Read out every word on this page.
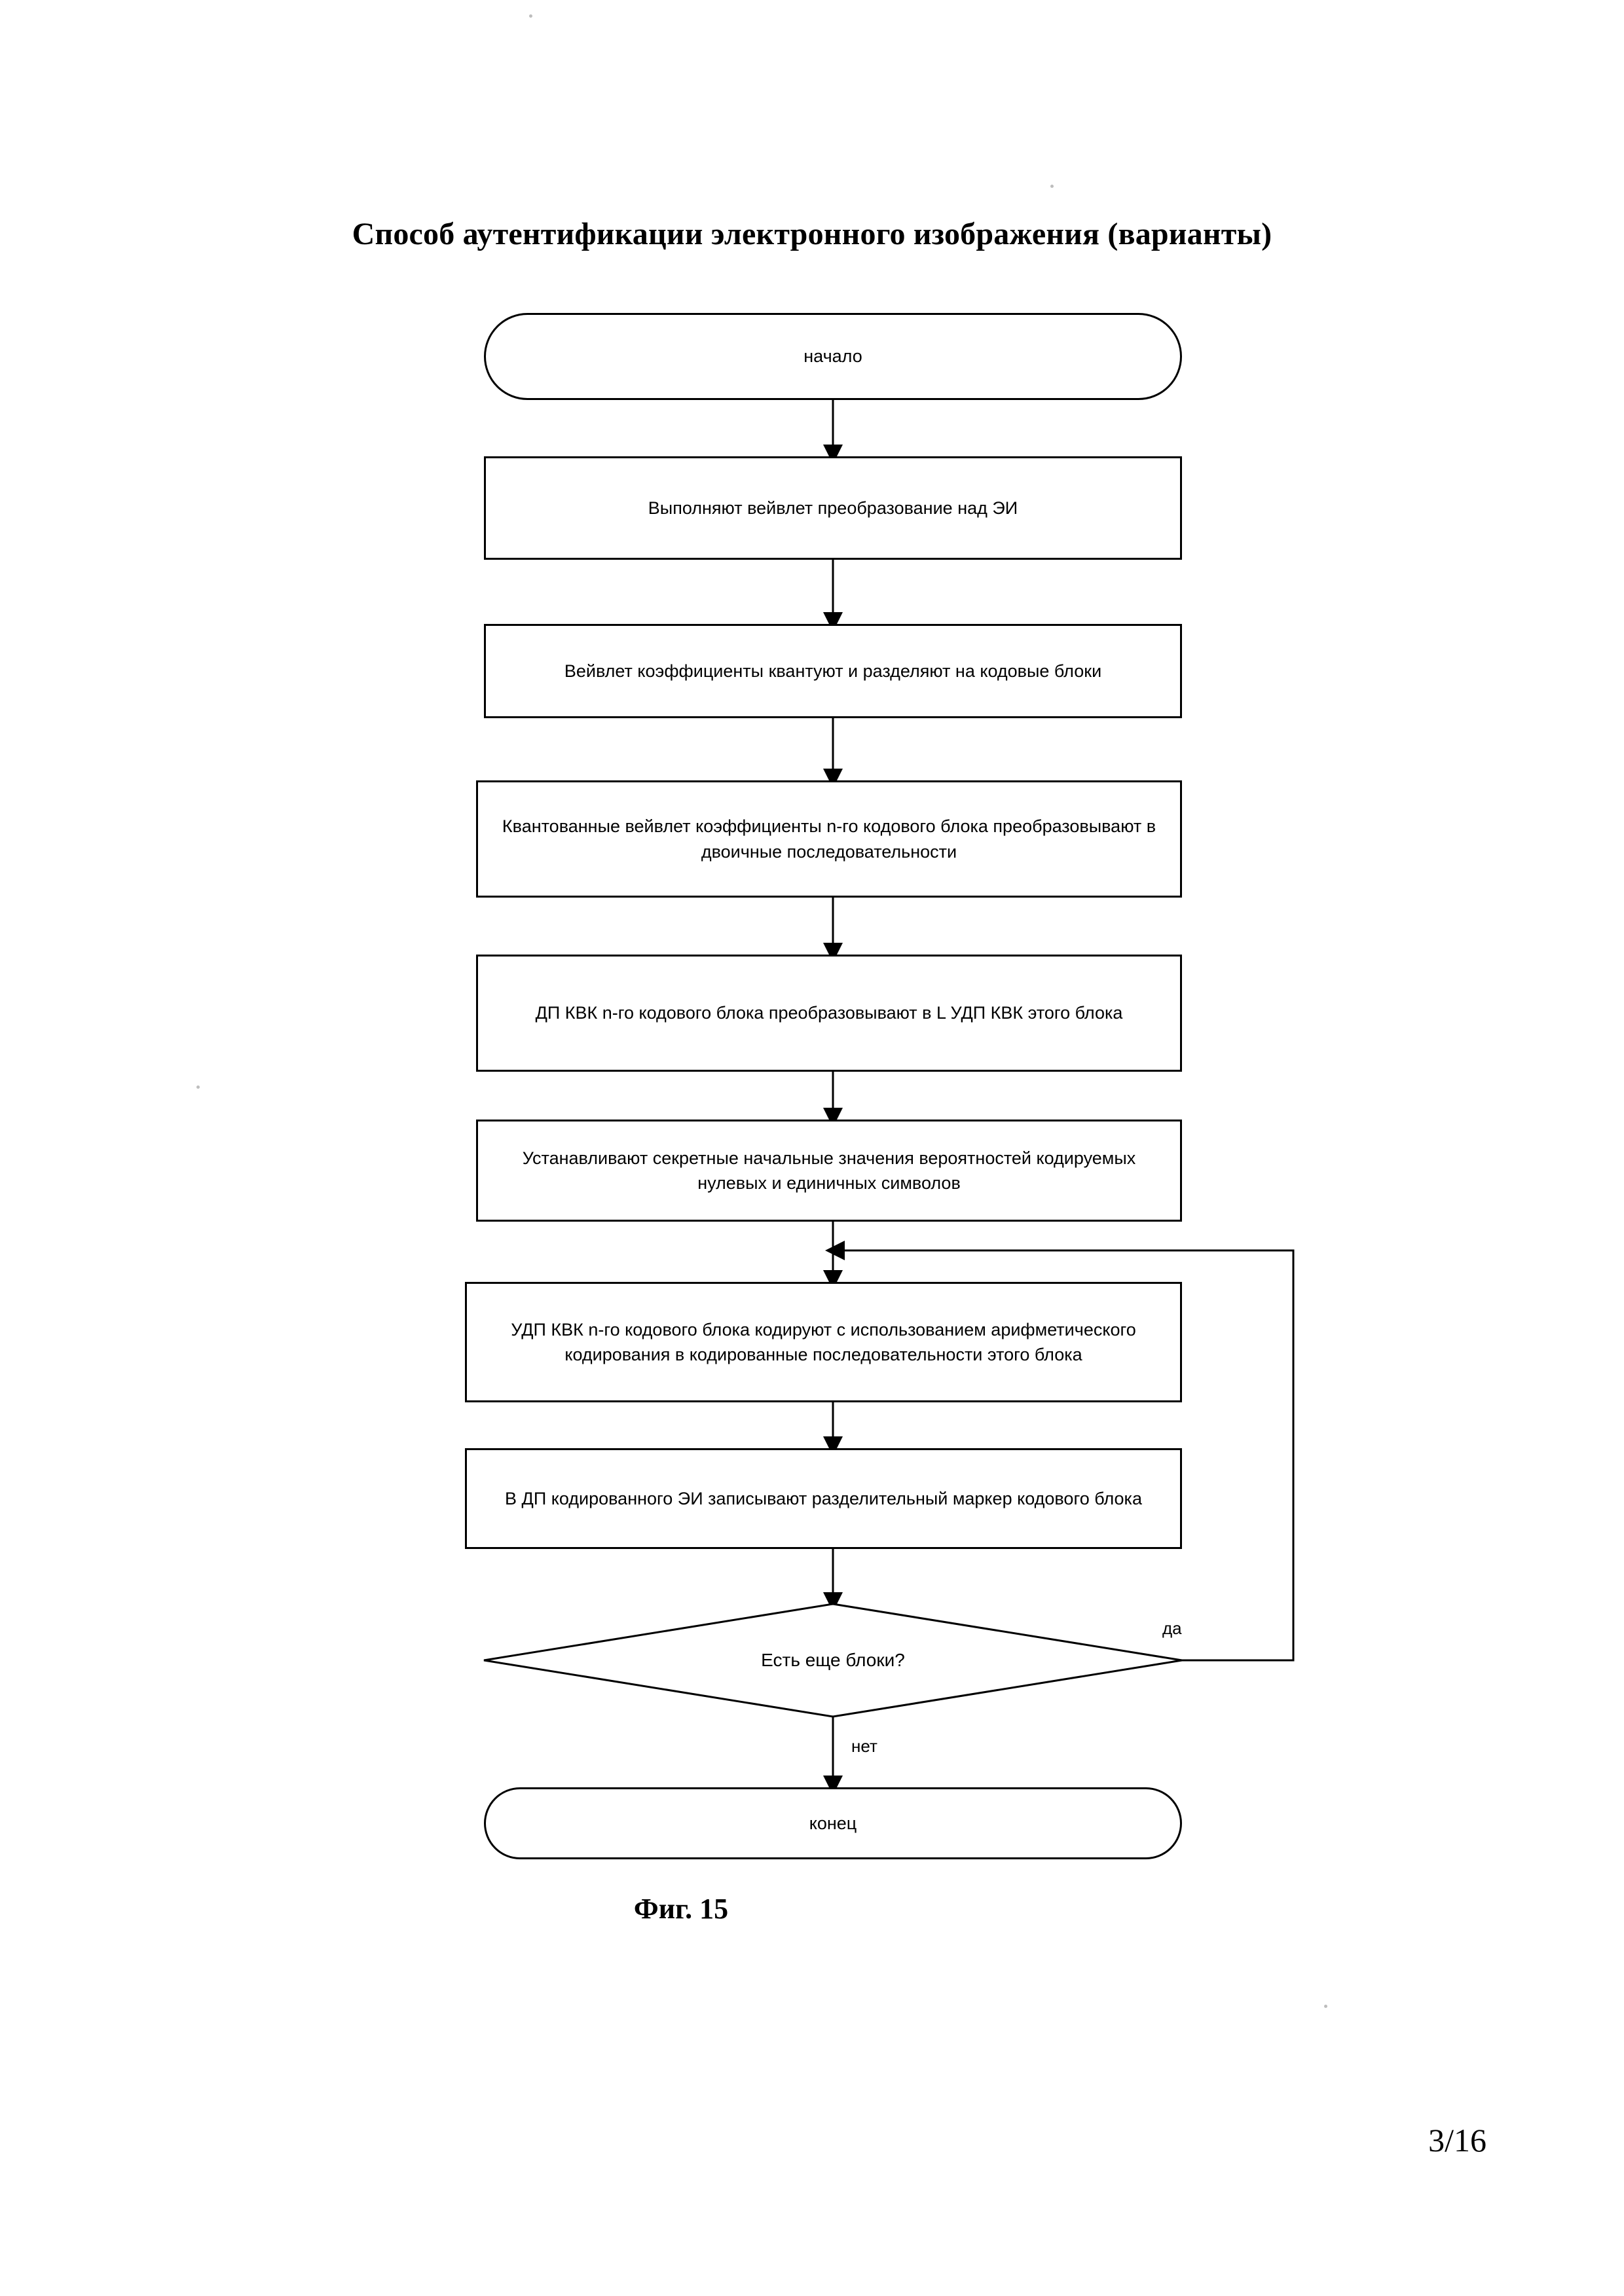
Способ аутентификации электронного изображения (варианты)
начало
Выполняют вейвлет преобразование над ЭИ
Вейвлет коэффициенты квантуют и разделяют на кодовые блоки
Квантованные вейвлет коэффициенты n-го кодового блока преобразовывают в двоичные последовательности
ДП КВК n-го кодового блока преобразовывают в L УДП КВК этого блока
Устанавливают секретные начальные значения вероятностей кодируемых нулевых и единичных символов
УДП КВК n-го кодового блока кодируют с использованием арифметического кодирования в кодированные последовательности этого блока
В ДП кодированного ЭИ записывают разделительный маркер кодового блока
Есть еще блоки?
конец
да
нет
Фиг. 15
3/16
